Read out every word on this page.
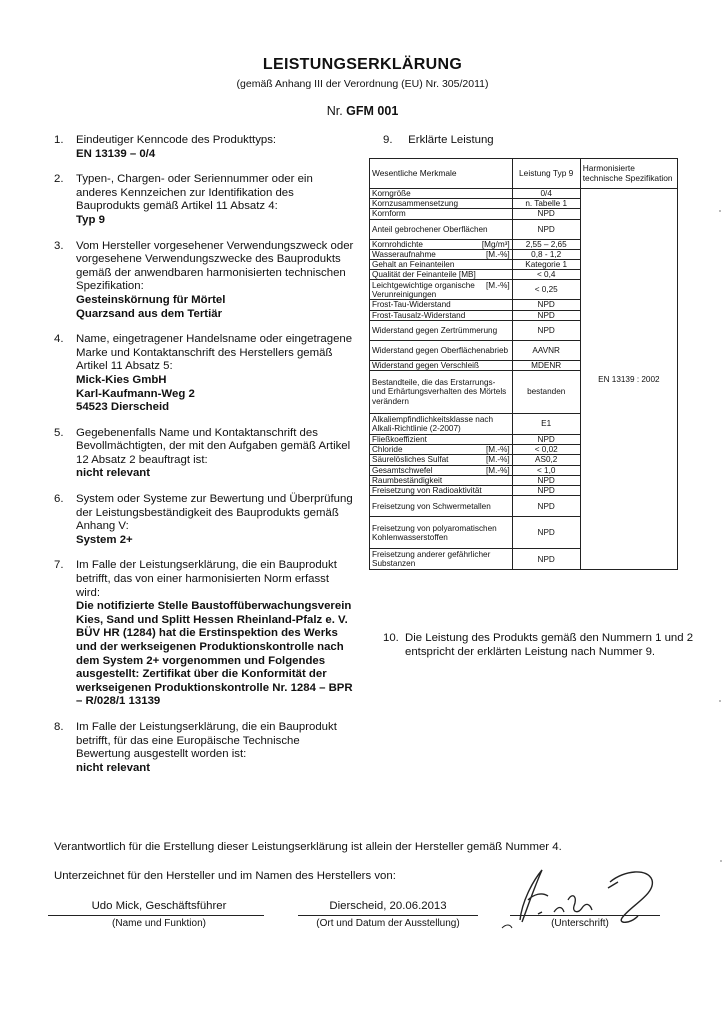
LEISTUNGSERKLÄRUNG
(gemäß Anhang III der Verordnung (EU) Nr. 305/2011)
Nr. GFM 001
1. Eindeutiger Kenncode des Produkttyps:
EN 13139 – 0/4
2. Typen-, Chargen- oder Seriennummer oder ein anderes Kennzeichen zur Identifikation des Bauprodukts gemäß Artikel 11 Absatz 4:
Typ 9
3. Vom Hersteller vorgesehener Verwendungszweck oder vorgesehene Verwendungszwecke des Bauprodukts gemäß der anwendbaren harmonisierten technischen Spezifikation:
Gesteinskörnung für Mörtel
Quarzsand aus dem Tertiär
4. Name, eingetragener Handelsname oder eingetragene Marke und Kontaktanschrift des Herstellers gemäß Artikel 11 Absatz 5:
Mick-Kies GmbH
Karl-Kaufmann-Weg 2
54523 Dierscheid
5. Gegebenenfalls Name und Kontaktanschrift des Bevollmächtigten, der mit den Aufgaben gemäß Artikel 12 Absatz 2 beauftragt ist:
nicht relevant
6. System oder Systeme zur Bewertung und Überprüfung der Leistungsbeständigkeit des Bauprodukts gemäß Anhang V:
System 2+
7. Im Falle der Leistungserklärung, die ein Bauprodukt betrifft, das von einer harmonisierten Norm erfasst wird:
Die notifizierte Stelle Baustoffüberwachungsverein Kies, Sand und Splitt Hessen Rheinland-Pfalz e. V. BÜV HR (1284) hat die Erstinspektion des Werks und der werkseigenen Produktionskontrolle nach dem System 2+ vorgenommen und Folgendes ausgestellt: Zertifikat über die Konformität der werkseigenen Produktionskontrolle Nr. 1284 – BPR – R/028/1 13139
8. Im Falle der Leistungserklärung, die ein Bauprodukt betrifft, für das eine Europäische Technische Bewertung ausgestellt worden ist:
nicht relevant
9. Erklärte Leistung
Wesentliche Merkmale	Leistung Typ 9	Harmonisierte technische Spezifikation

Korngröße	0/4	EN 13139 : 2002

Kornzusammensetzung	n. Tabelle 1	

Kornform	NPD	

Anteil gebrochener Oberflächen	NPD	

[Mg/m³]
Kornrohdichte	2,55 – 2,65	

[M.-%]
Wasseraufnahme	0,8 - 1,2	

Gehalt an Feinanteilen	Kategorie 1	

Qualität der Feinanteile [MB]	< 0,4	

[M.-%]
Leichtgewichtige organische Verunreinigungen	< 0,25	

Frost-Tau-Widerstand	NPD	

Frost-Tausalz-Widerstand	NPD	

Widerstand gegen Zertrümmerung	NPD	

Widerstand gegen Oberflächenabrieb	AAVNR	

Widerstand gegen Verschleiß	MDENR	

Bestandteile, die das Erstarrungs- und Erhärtungsverhalten des Mörtels verändern	bestanden	

Alkaliempfindlichkeitsklasse nach Alkali-Richtlinie (2-2007)	E1	

Fließkoeffizient	NPD	

[M.-%]
Chloride	< 0,02	

[M.-%]
Säurelösliches Sulfat	AS0,2	

[M.-%]
Gesamtschwefel	< 1,0	

Raumbeständigkeit	NPD	

Freisetzung von Radioaktivität	NPD	

Freisetzung von Schwermetallen	NPD	

Freisetzung von polyaromatischen Kohlenwasserstoffen	NPD	

Freisetzung anderer gefährlicher Substanzen	NPD	
10. Die Leistung des Produkts gemäß den Nummern 1 und 2 entspricht der erklärten Leistung nach Nummer 9.
Verantwortlich für die Erstellung dieser Leistungserklärung ist allein der Hersteller gemäß Nummer 4.
Unterzeichnet für den Hersteller und im Namen des Herstellers von:
Udo Mick, Geschäftsführer
(Name und Funktion)
Dierscheid, 20.06.2013
(Ort und Datum der Ausstellung)	(Unterschrift)
